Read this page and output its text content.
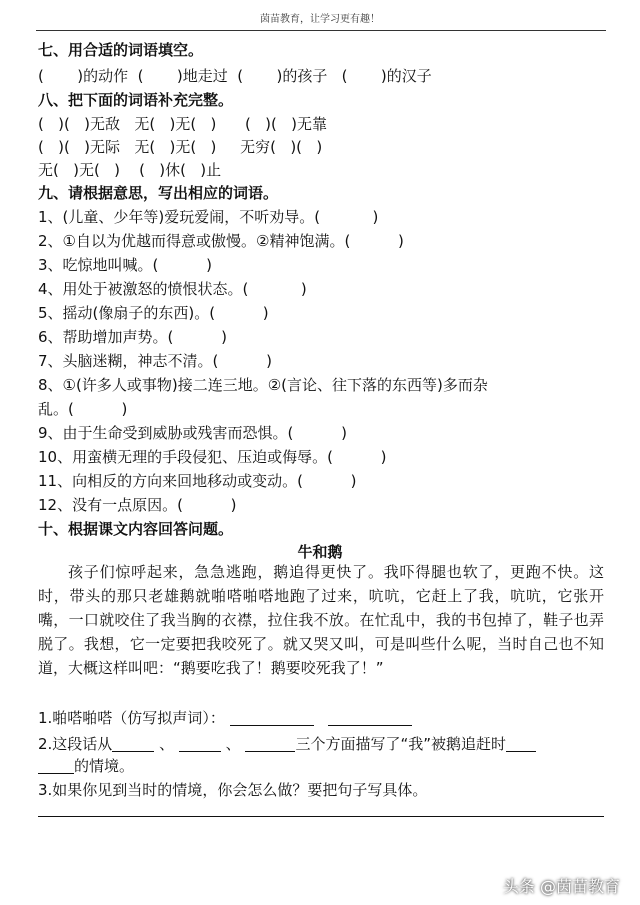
茵苗教育，让学习更有趣！
七、用合适的词语填空。
(       )的动作  (       )地走过  (       )的孩子   (       )的汉子
八、把下面的词语补充完整。
(   )(   )无敌   无(   )无(   )      (   )(   )无靠
(   )(   )无际   无(   )无(   )     无穷(   )(   )
无(   )无(   )    (   )休(   )止
九、请根据意思，写出相应的词语。
1、(儿童、少年等)爱玩爱闹，不听劝导。(           )
2、①自以为优越而得意或傲慢。②精神饱满。(          )
3、吃惊地叫喊。(          )
4、用处于被激怒的愤恨状态。(           )
5、摇动(像扇子的东西)。(          )
6、帮助增加声势。(          )
7、头脑迷糊，神志不清。(          )
8、①(许多人或事物)接二连三地。②(言论、往下落的东西等)多而杂
乱。(          )
9、由于生命受到威胁或残害而恐惧。(          )
10、用蛮横无理的手段侵犯、压迫或侮辱。(          )
11、向相反的方向来回地移动或变动。(          )
12、没有一点原因。(          )
十、根据课文内容回答问题。
牛和鹅

孩子们惊呼起来，急急逃跑，鹅追得更快了。我吓得腿也软了，更跑不快。这时，带头的那只老雄鹅就啪嗒啪嗒地跑了过来，吭吭，它赶上了我，吭吭，它张开嘴，一口就咬住了我当胸的衣襟，拉住我不放。在忙乱中，我的书包掉了，鞋子也弄脱了。我想，它一定要把我咬死了。就又哭又叫，可是叫些什么呢，当时自己也不知道，大概这样叫吧：“鹅要吃我了！鹅要咬死我了！”

1.啪嗒啪嗒（仿写拟声词）：
2.这段话从	、	、	三个方面描写了“我”被鹅追赶时
的情境。
3.如果你见到当时的情境，你会怎么做？要把句子写具体。
头条 @茵苗教育
